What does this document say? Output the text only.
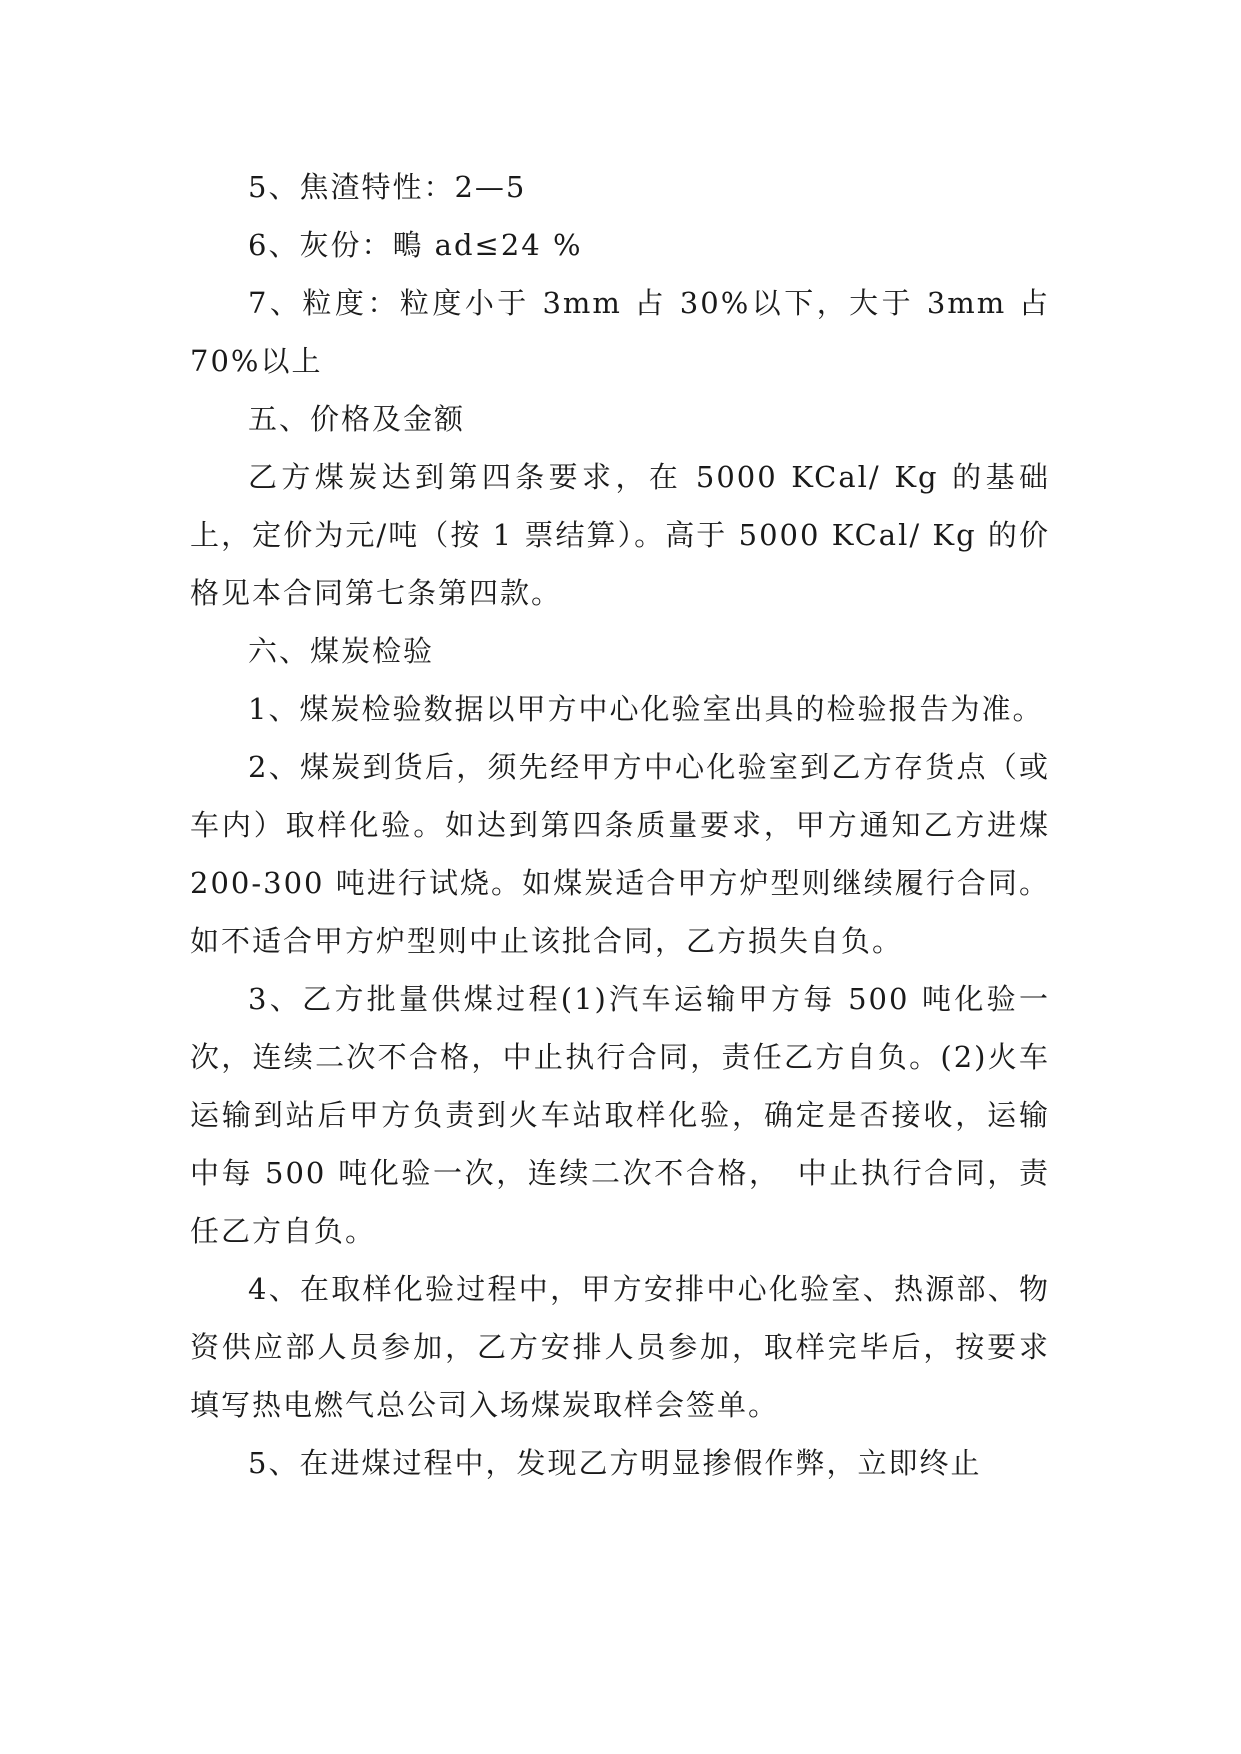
5、焦渣特性：2—5

6、灰份：鴫 ad≤24 %

7、粒度：粒度小于 3mm 占 30%以下，大于 3mm 占 70%以上

五、价格及金额

乙方煤炭达到第四条要求，在 5000 KCal/ Kg 的基础上，定价为元/吨（按 1 票结算）。高于 5000 KCal/ Kg 的价格见本合同第七条第四款。

六、煤炭检验

1、煤炭检验数据以甲方中心化验室出具的检验报告为准。

2、煤炭到货后，须先经甲方中心化验室到乙方存货点（或车内）取样化验。如达到第四条质量要求，甲方通知乙方进煤 200-300 吨进行试烧。如煤炭适合甲方炉型则继续履行合同。如不适合甲方炉型则中止该批合同，乙方损失自负。

3、乙方批量供煤过程(1)汽车运输甲方每 500 吨化验一次，连续二次不合格，中止执行合同，责任乙方自负。(2)火车运输到站后甲方负责到火车站取样化验，确定是否接收，运输中每 500 吨化验一次，连续二次不合格，　中止执行合同，责任乙方自负。

4、在取样化验过程中，甲方安排中心化验室、热源部、物资供应部人员参加，乙方安排人员参加，取样完毕后，按要求填写热电燃气总公司入场煤炭取样会签单。

5、在进煤过程中，发现乙方明显掺假作弊，立即终止
